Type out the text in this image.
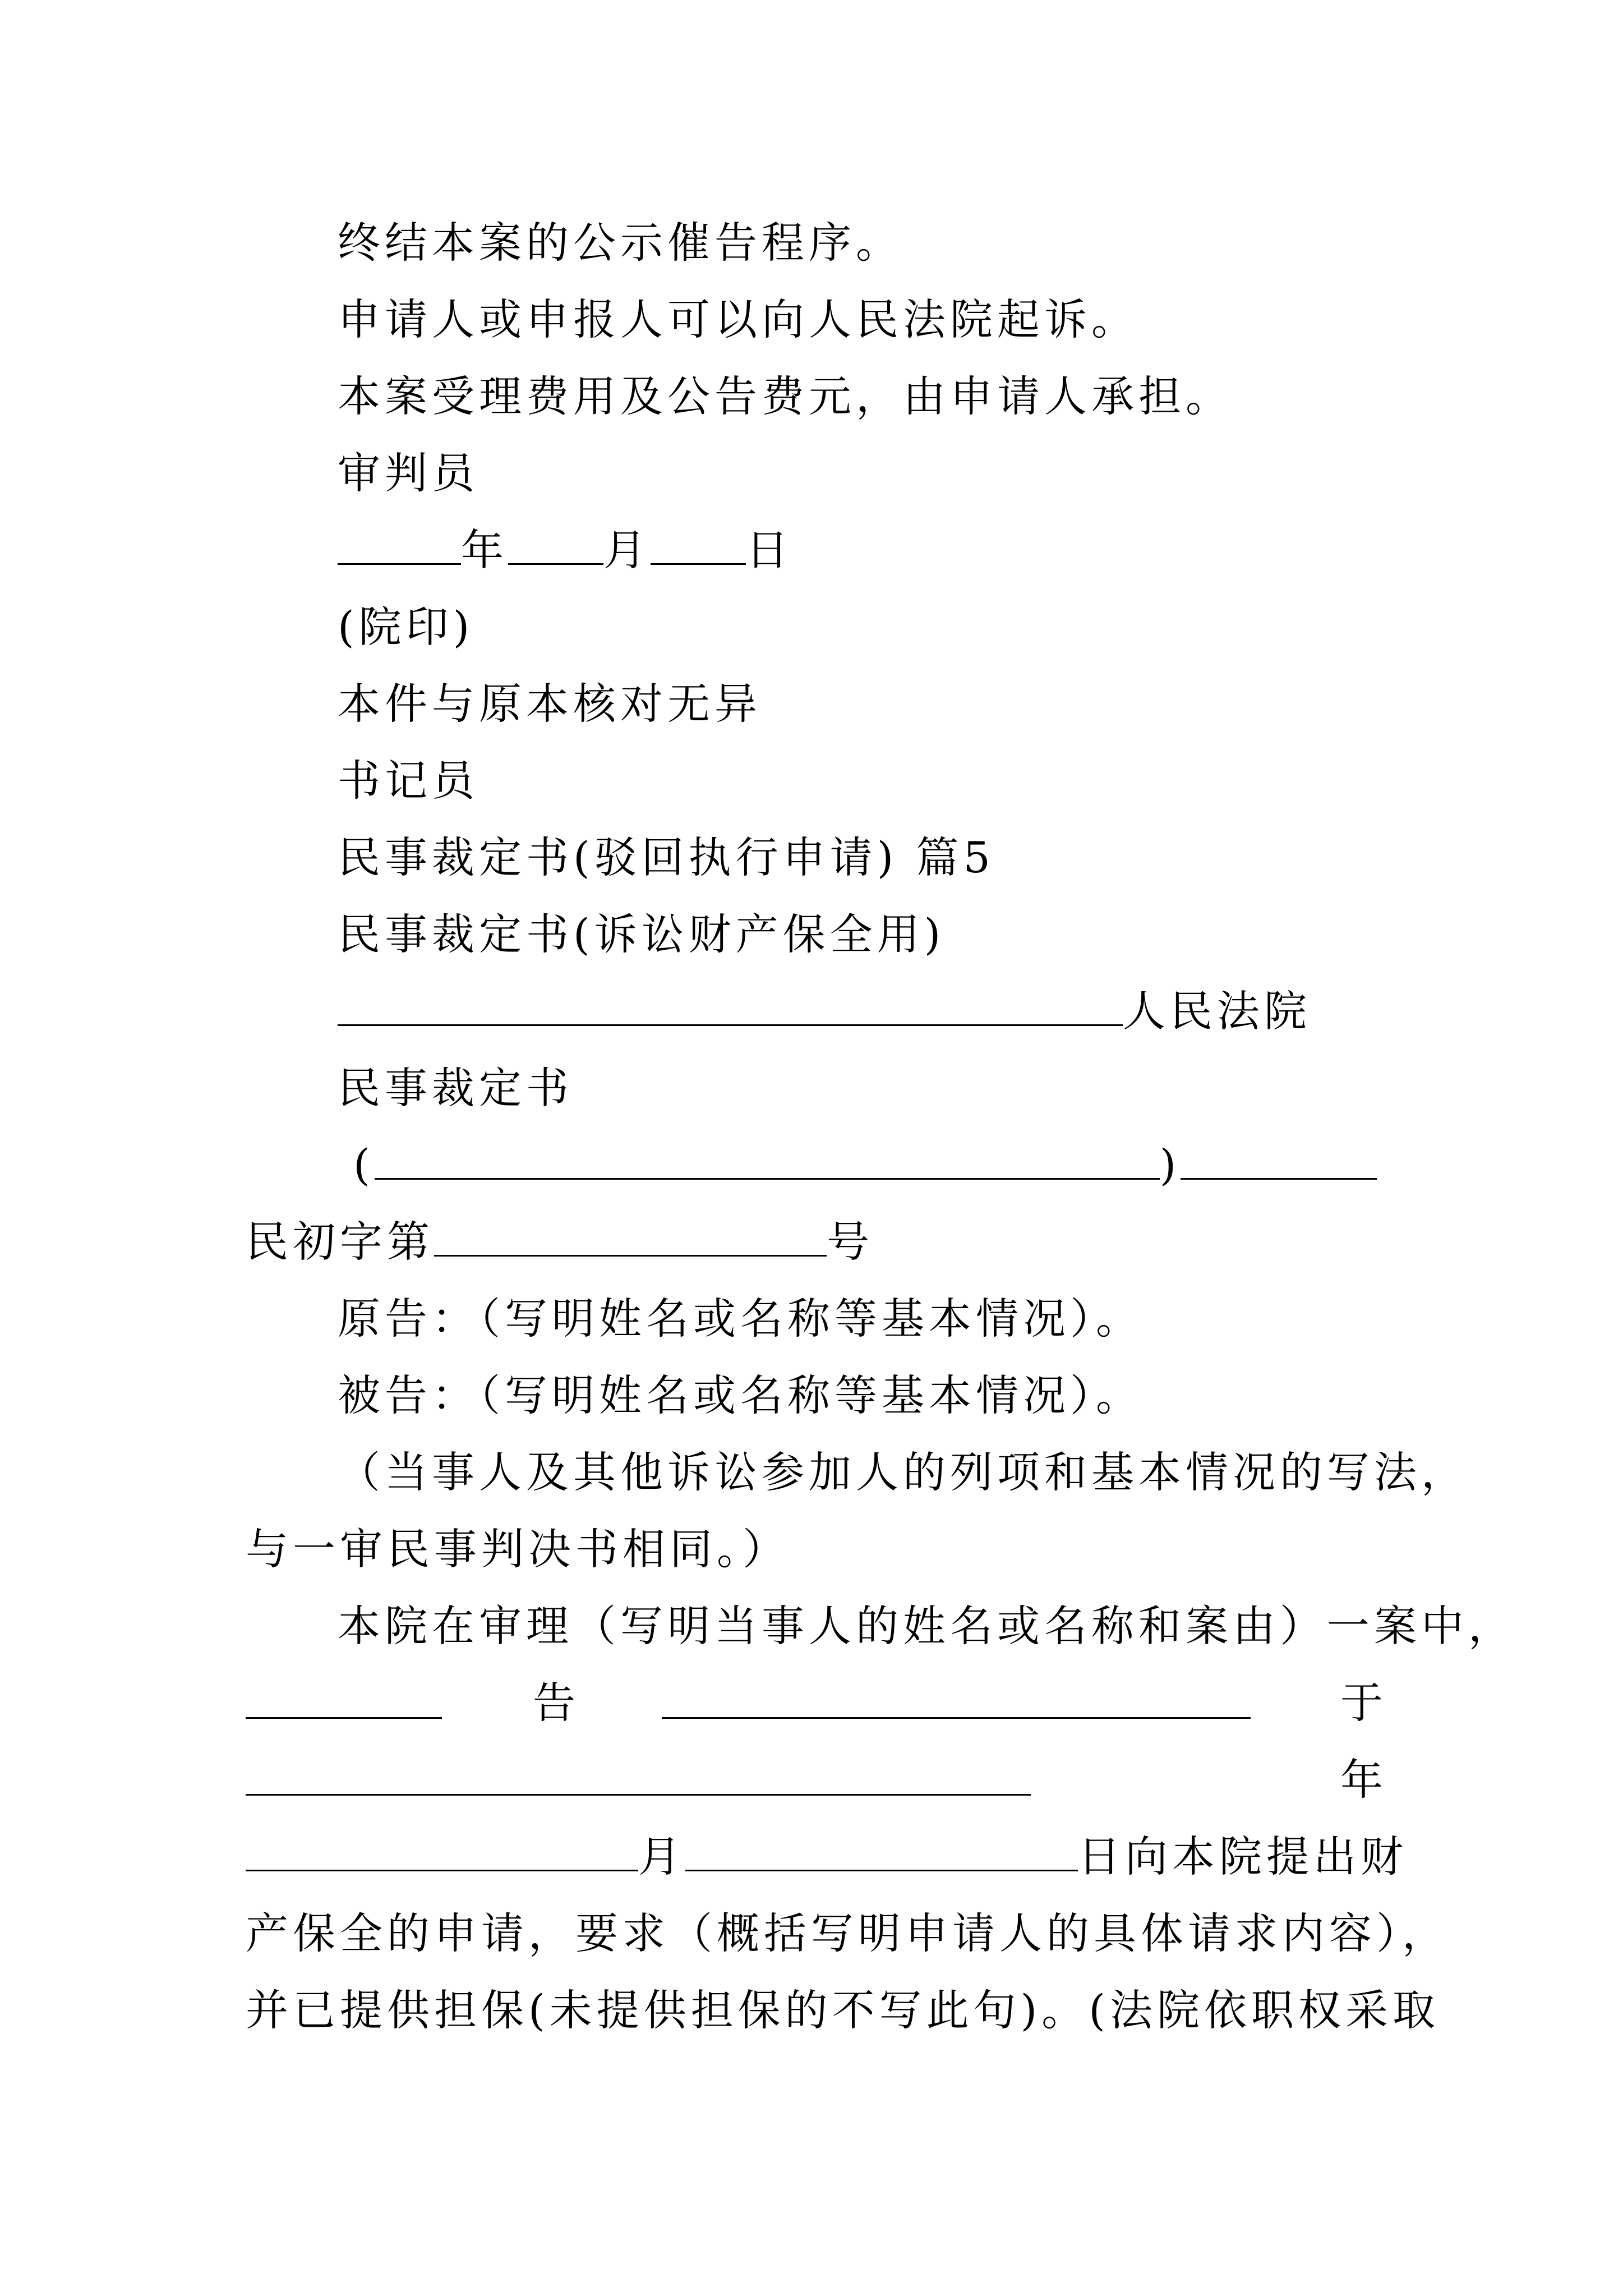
终结本案的公示催告程序。
申请人或申报人可以向人民法院起诉。
本案受理费用及公告费元，由申请人承担。
审判员
年 月 日
(院印)
本件与原本核对无异
书记员
民事裁定书(驳回执行申请) 篇5
民事裁定书(诉讼财产保全用)
人民法院
民事裁定书
(	)
民初字第	号
原告：（写明姓名或名称等基本情况）。
被告：（写明姓名或名称等基本情况）。
（当事人及其他诉讼参加人的列项和基本情况的写法，
与一审民事判决书相同。）
本院在审理（写明当事人的姓名或名称和案由）一案中，
告	于
年
月	日向本院提出财
产保全的申请，要求（概括写明申请人的具体请求内容），
并已提供担保(未提供担保的不写此句)。(法院依职权采取
